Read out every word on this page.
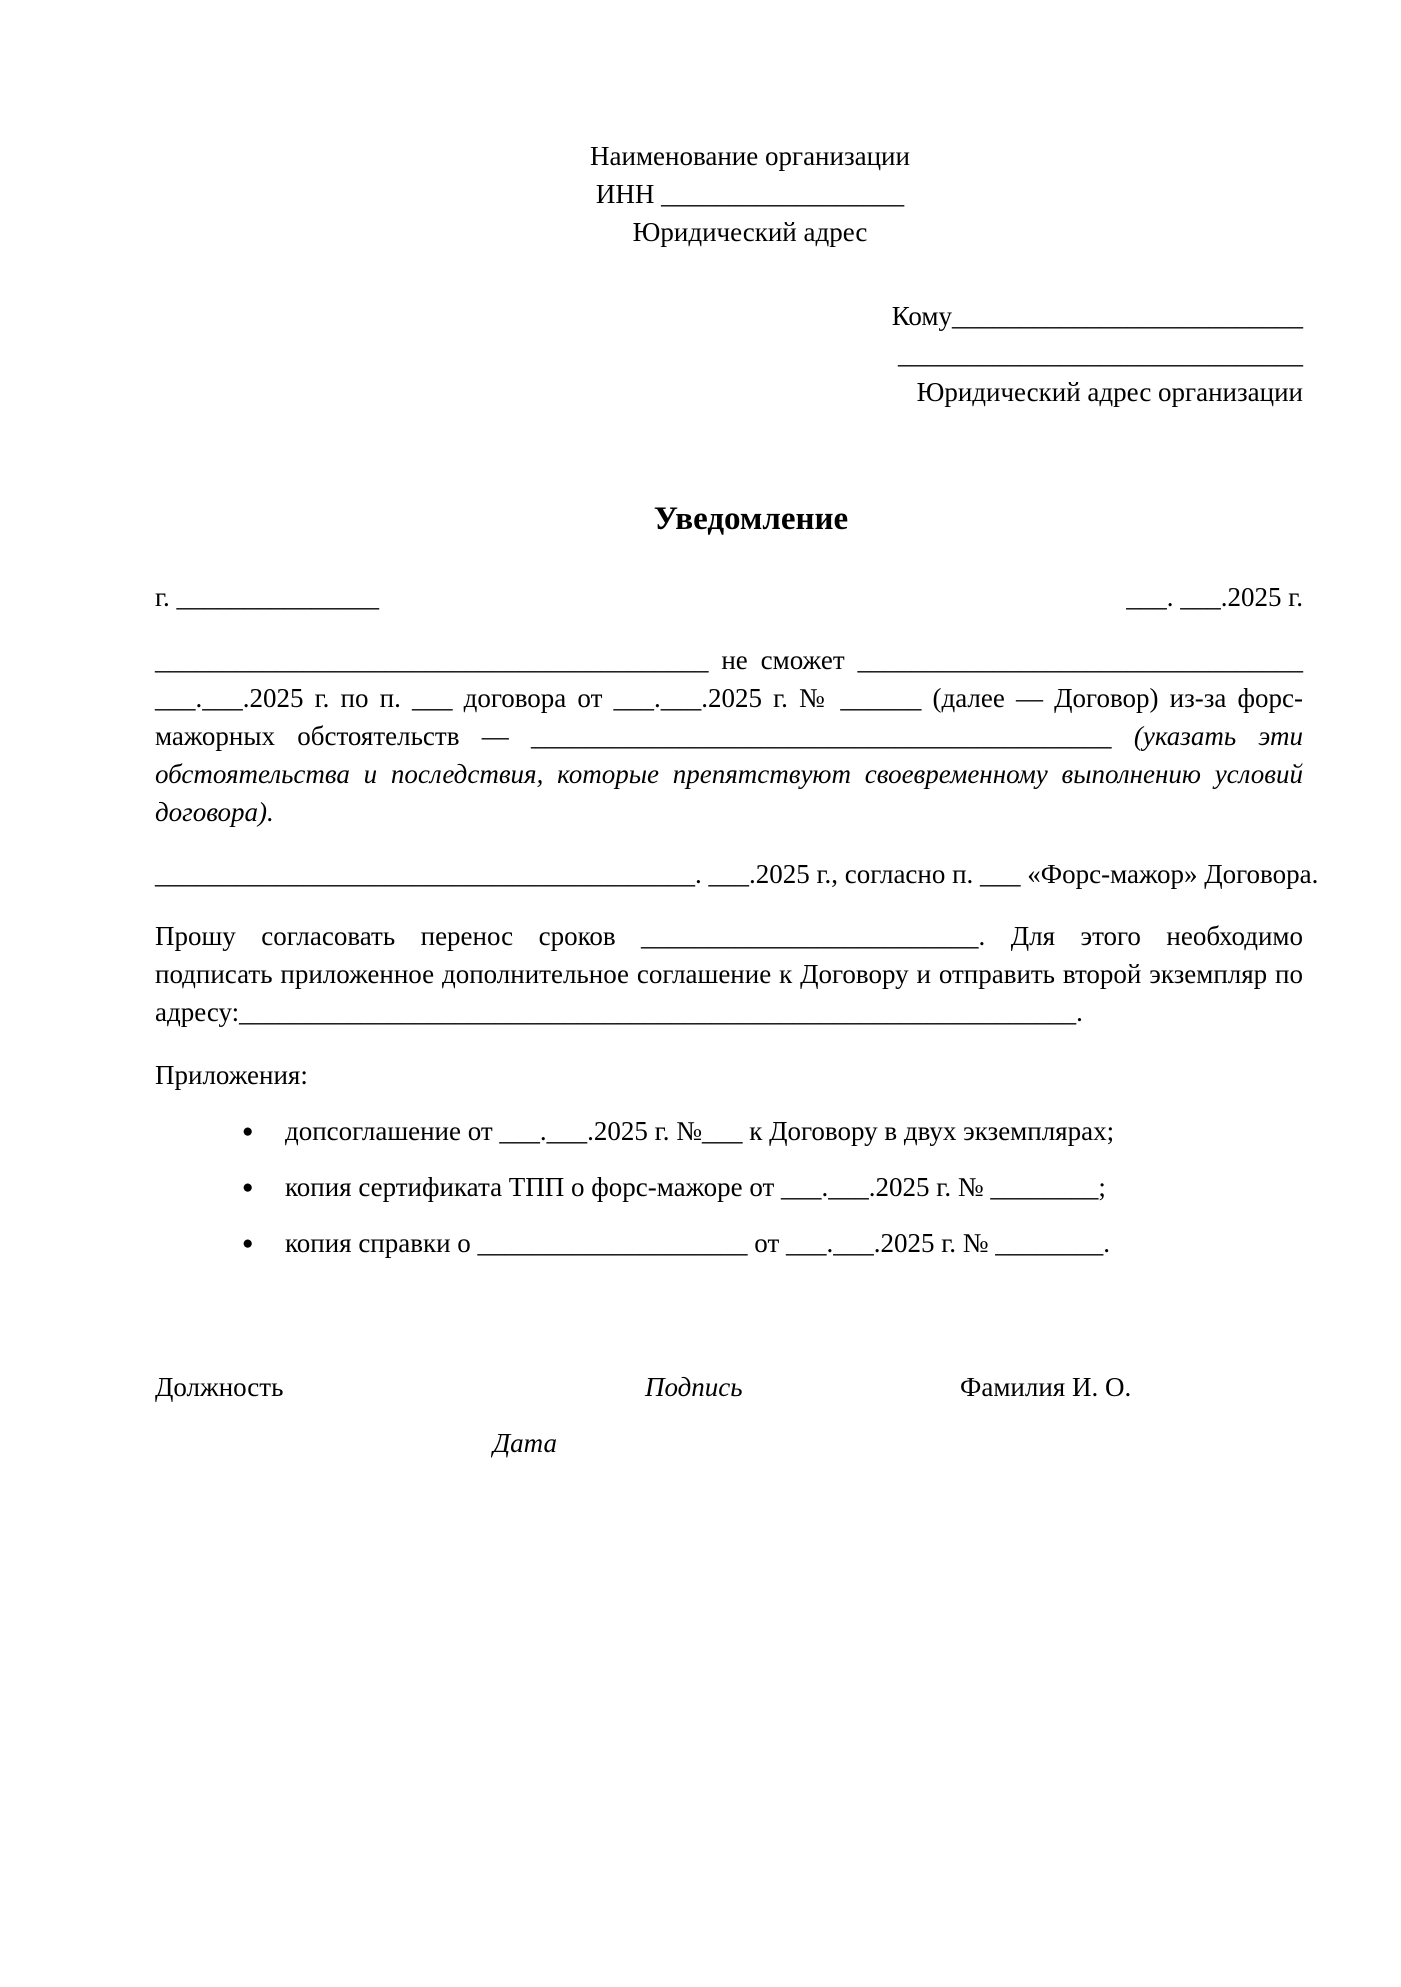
Наименование организации
ИНН __________________
Юридический адрес
Кому__________________________
______________________________
Юридический адрес организации
Уведомление
г. _______________	___. ___.2025 г.
_________________________________________ не сможет _________________________________
___.___.2025 г. по п. ___ договора от ___.___.2025 г. № ______ (далее — Договор) из-за форс-
мажорных обстоятельств — ___________________________________________ (указать эти
обстоятельства и последствия, которые препятствуют своевременному выполнению условий
договора).
________________________________________. ___.2025 г., согласно п. ___ «Форс-мажор» Договора.
Прошу согласовать перенос сроков _________________________. Для этого необходимо
подписать приложенное дополнительное соглашение к Договору и отправить второй экземпляр по
адресу:______________________________________________________________.
Приложения:
● допсоглашение от ___.___.2025 г. №___ к Договору в двух экземплярах;
● копия сертификата ТПП о форс-мажоре от ___.___.2025 г. № ________;
● копия справки о ____________________ от ___.___.2025 г. № ________.
Должность	Подпись	Фамилия И. О.
Дата
